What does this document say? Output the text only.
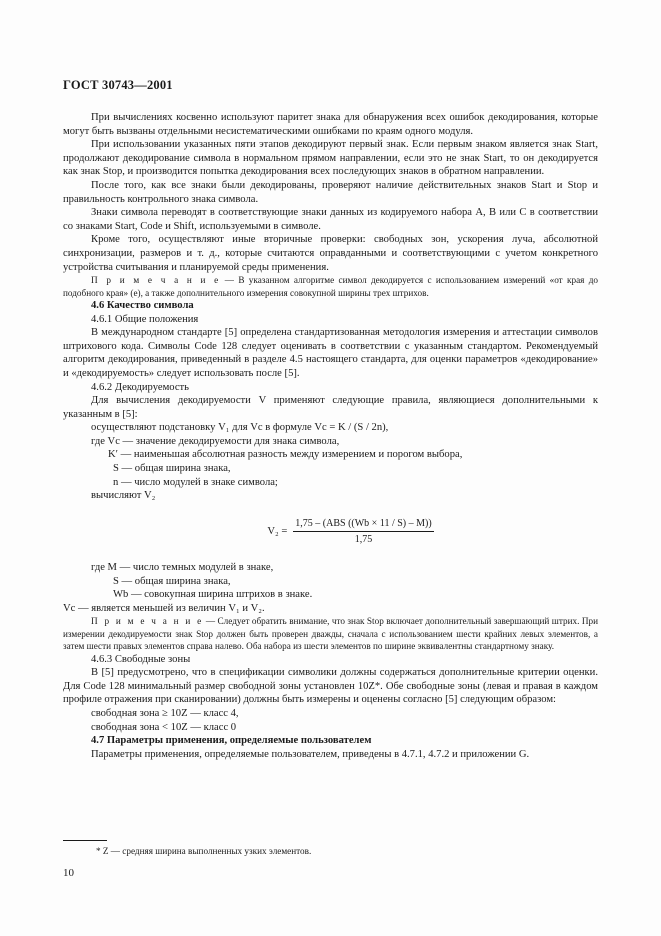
ГОСТ 30743—2001

При вычислениях косвенно используют паритет знака для обнаружения всех ошибок декодирования, которые могут быть вызваны отдельными несистематическими ошибками по краям одного модуля.

При использовании указанных пяти этапов декодируют первый знак. Если первым знаком является знак Start, продолжают декодирование символа в нормальном прямом направлении, если это не знак Start, то он декодируется как знак Stop, и производится попытка декодирования всех последующих знаков в обратном направлении.

После того, как все знаки были декодированы, проверяют наличие действительных знаков Start и Stop и правильность контрольного знака символа.

Знаки символа переводят в соответствующие знаки данных из кодируемого набора A, B или C в соответствии со знаками Start, Code и Shift, используемыми в символе.

Кроме того, осуществляют иные вторичные проверки: свободных зон, ускорения луча, абсолютной синхронизации, размеров и т. д., которые считаются оправданными и соответствующими с учетом конкретного устройства считывания и планируемой среды применения.

П р и м е ч а н и е — В указанном алгоритме символ декодируется с использованием измерений «от края до подобного края» (e), а также дополнительного измерения совокупной ширины трех штрихов.

4.6 Качество символа

4.6.1 Общие положения

В международном стандарте [5] определена стандартизованная методология измерения и аттестации символов штрихового кода. Символы Code 128 следует оценивать в соответствии с указанным стандартом. Рекомендуемый алгоритм декодирования, приведенный в разделе 4.5 настоящего стандарта, для оценки параметров «декодирование» и «декодируемость» следует использовать после [5].

4.6.2 Декодируемость

Для вычисления декодируемости V применяют следующие правила, являющиеся дополнительными к указанным в [5]:

осуществляют подстановку V₁ для Vc в формуле Vc = K / (S / 2n),

где Vc — значение декодируемости для знака символа,

K′ — наименьшая абсолютная разность между измерением и порогом выбора,

S — общая ширина знака,

n — число модулей в знаке символа;

вычисляют V₂

$V_2 = \frac{\text{1,75 – (ABS ((Wb × 11 / S) – M))}}{1,75}$

где M — число темных модулей в знаке,

S — общая ширина знака,

Wb — совокупная ширина штрихов в знаке.

Vc — является меньшей из величин V₁ и V₂.

П р и м е ч а н и е — Следует обратить внимание, что знак Stop включает дополнительный завершающий штрих. При измерении декодируемости знак Stop должен быть проверен дважды, сначала с использованием шести крайних левых элементов, а затем шести правых элементов справа налево. Оба набора из шести элементов по ширине эквивалентны стандартному знаку.

4.6.3 Свободные зоны

В [5] предусмотрено, что в спецификации символики должны содержаться дополнительные критерии оценки. Для Code 128 минимальный размер свободной зоны установлен 10Z*. Обе свободные зоны (левая и правая в каждом профиле отражения при сканировании) должны быть измерены и оценены согласно [5] следующим образом:

свободная зона ≥ 10Z — класс 4,

свободная зона < 10Z — класс 0

4.7 Параметры применения, определяемые пользователем

Параметры применения, определяемые пользователем, приведены в 4.7.1, 4.7.2 и приложении G.

* Z — средняя ширина выполненных узких элементов.
10
